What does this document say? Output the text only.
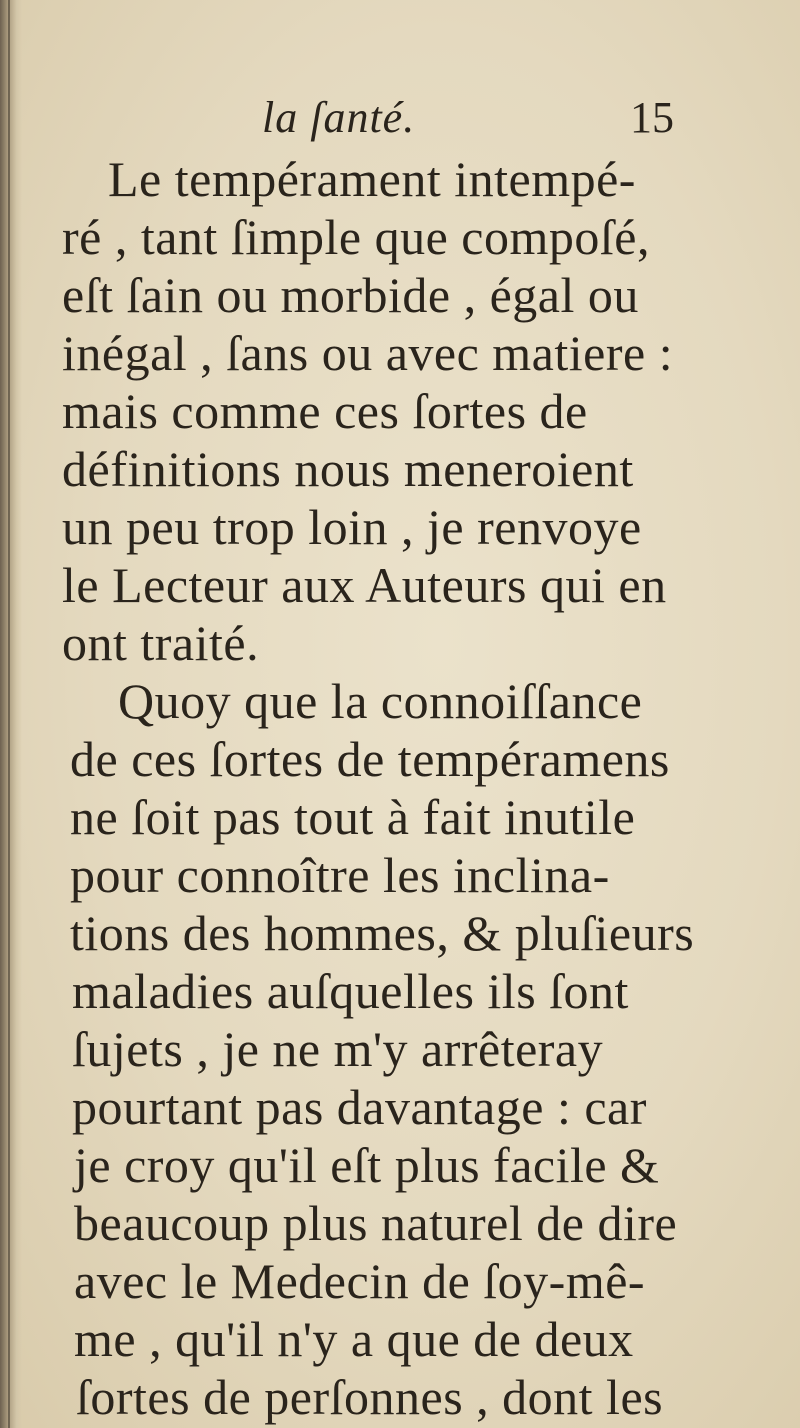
la ſanté.	15
Le tempérament intempé-
ré , tant ſimple que compoſé,
eſt ſain ou morbide , égal ou
inégal , ſans ou avec matiere :
mais comme ces ſortes de
définitions nous meneroient
un peu trop loin , je renvoye
le Lecteur aux Auteurs qui en
ont traité.
Quoy que la connoiſſance
de ces ſortes de tempéramens
ne ſoit pas tout à fait inutile
pour connoître les inclina-
tions des hommes, & pluſieurs
maladies auſquelles ils ſont
ſujets , je ne m'y arrêteray
pourtant pas davantage : car
je croy qu'il eſt plus facile &
beaucoup plus naturel de dire
avec le Medecin de ſoy-mê-
me , qu'il n'y a que de deux
ſortes de perſonnes , dont les
